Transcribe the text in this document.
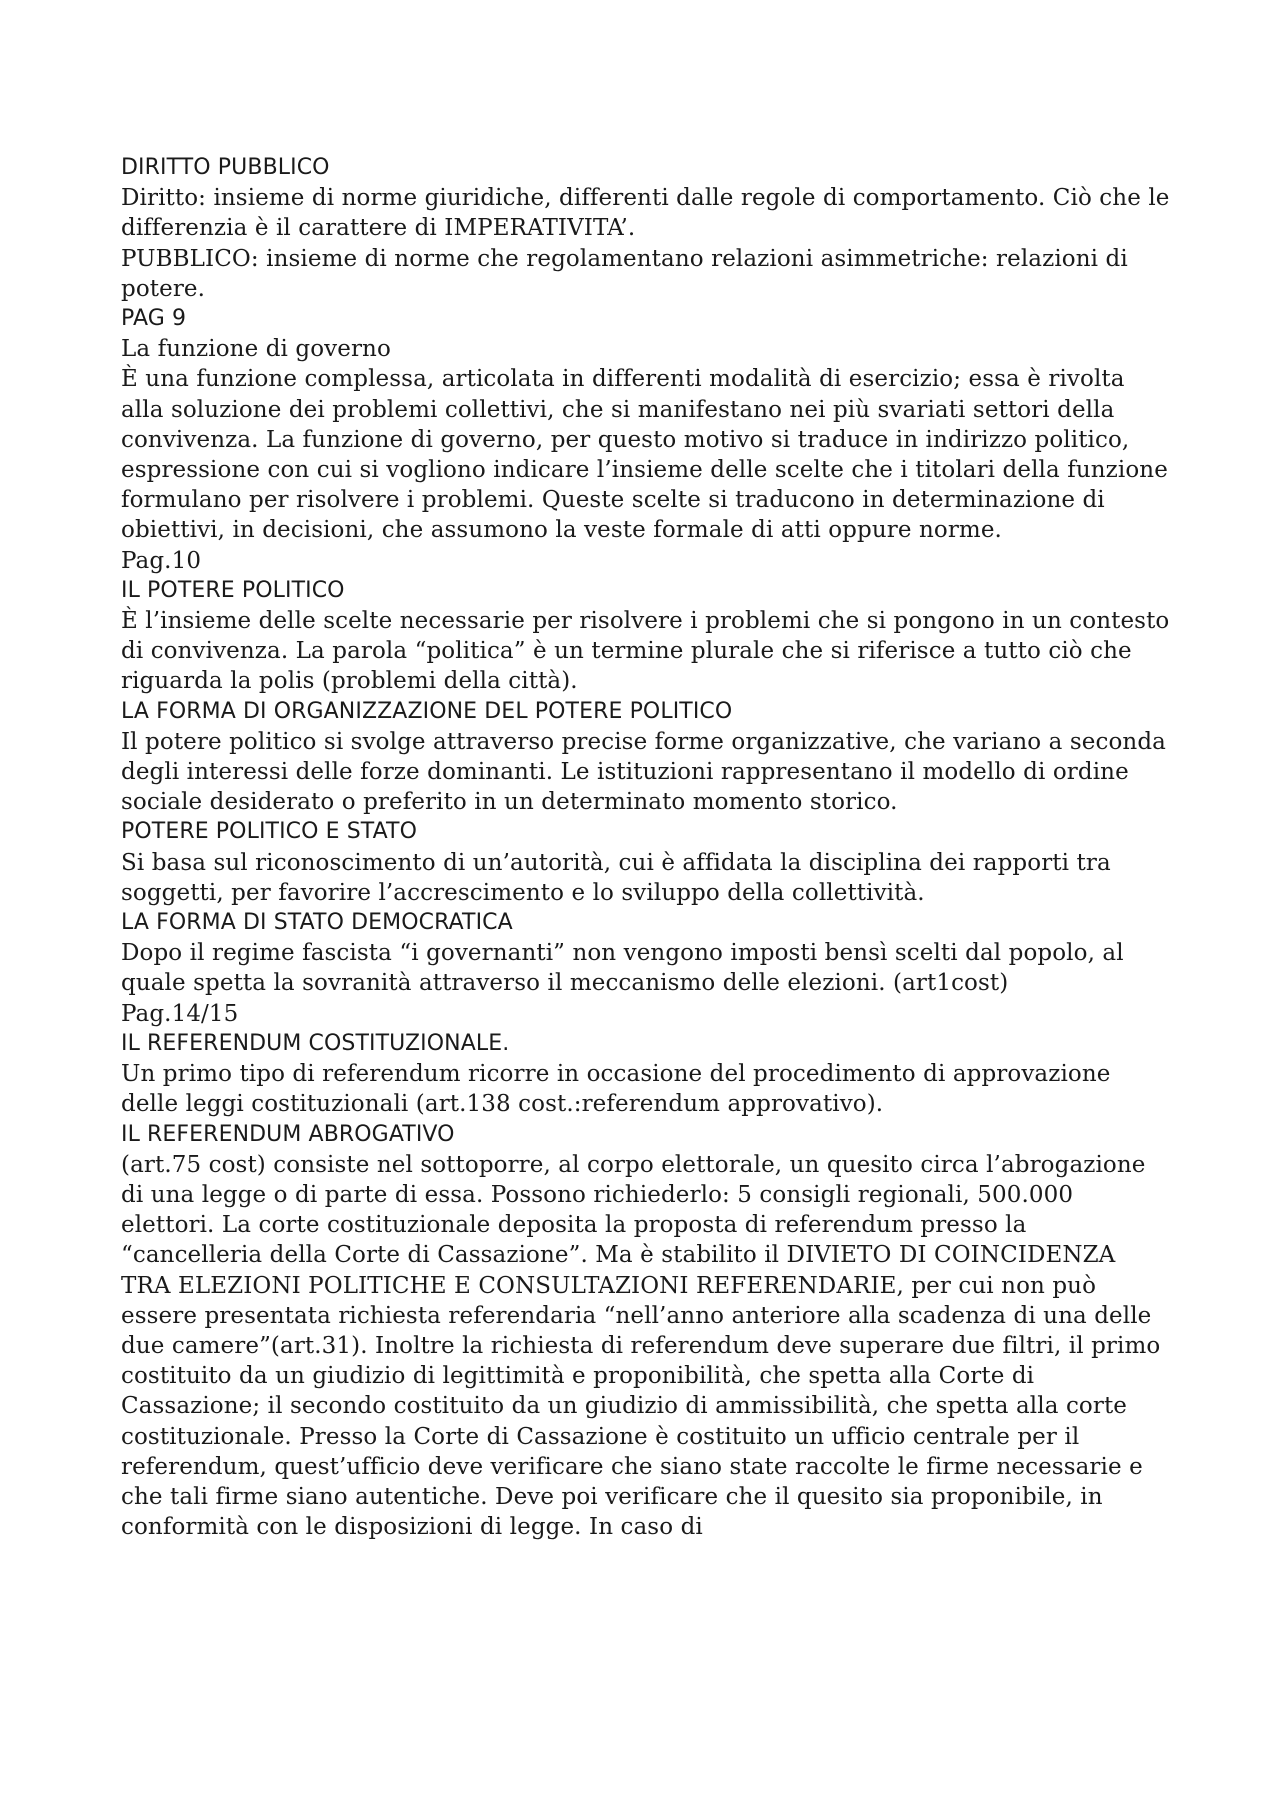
DIRITTO PUBBLICO

Diritto: insieme di norme giuridiche, differenti dalle regole di comportamento. Ciò che le differenzia è il carattere di IMPERATIVITA’.

PUBBLICO: insieme di norme che regolamentano relazioni asimmetriche: relazioni di potere.

PAG 9

La funzione di governo

È una funzione complessa, articolata in differenti modalità di esercizio; essa è rivolta alla soluzione dei problemi collettivi, che si manifestano nei più svariati settori della convivenza. La funzione di governo, per questo motivo si traduce in indirizzo politico, espressione con cui si vogliono indicare l’insieme delle scelte che i titolari della funzione formulano per risolvere i problemi. Queste scelte si traducono in determinazione di obiettivi, in decisioni, che assumono la veste formale di atti oppure norme.

Pag.10

IL POTERE POLITICO

È l’insieme delle scelte necessarie per risolvere i problemi che si pongono in un contesto di convivenza. La parola “politica” è un termine plurale che si riferisce a tutto ciò che riguarda la polis (problemi della città).

LA FORMA DI ORGANIZZAZIONE DEL POTERE POLITICO

Il potere politico si svolge attraverso precise forme organizzative, che variano a seconda degli interessi delle forze dominanti. Le istituzioni rappresentano il modello di ordine sociale desiderato o preferito in un determinato momento storico.

POTERE POLITICO E STATO

Si basa sul riconoscimento di un’autorità, cui è affidata la disciplina dei rapporti tra soggetti, per favorire l’accrescimento e lo sviluppo della collettività.

LA FORMA DI STATO DEMOCRATICA

Dopo il regime fascista “i governanti” non vengono imposti bensì scelti dal popolo, al quale spetta la sovranità attraverso il meccanismo delle elezioni. (art1cost)

Pag.14/15

IL REFERENDUM COSTITUZIONALE.

Un primo tipo di referendum ricorre in occasione del procedimento di approvazione delle leggi costituzionali (art.138 cost.:referendum approvativo).

IL REFERENDUM ABROGATIVO

(art.75 cost) consiste nel sottoporre, al corpo elettorale, un quesito circa l’abrogazione di una legge o di parte di essa. Possono richiederlo: 5 consigli regionali, 500.000 elettori. La corte costituzionale deposita la proposta di referendum presso la “cancelleria della Corte di Cassazione”. Ma è stabilito il DIVIETO DI COINCIDENZA TRA ELEZIONI POLITICHE E CONSULTAZIONI REFERENDARIE, per cui non può essere presentata richiesta referendaria “nell’anno anteriore alla scadenza di una delle due camere”(art.31). Inoltre la richiesta di referendum deve superare due filtri, il primo costituito da un giudizio di legittimità e proponibilità, che spetta alla Corte di Cassazione; il secondo costituito da un giudizio di ammissibilità, che spetta alla corte costituzionale. Presso la Corte di Cassazione è costituito un ufficio centrale per il referendum, quest’ufficio deve verificare che siano state raccolte le firme necessarie e che tali firme siano autentiche. Deve poi verificare che il quesito sia proponibile, in conformità con le disposizioni di legge. In caso di
